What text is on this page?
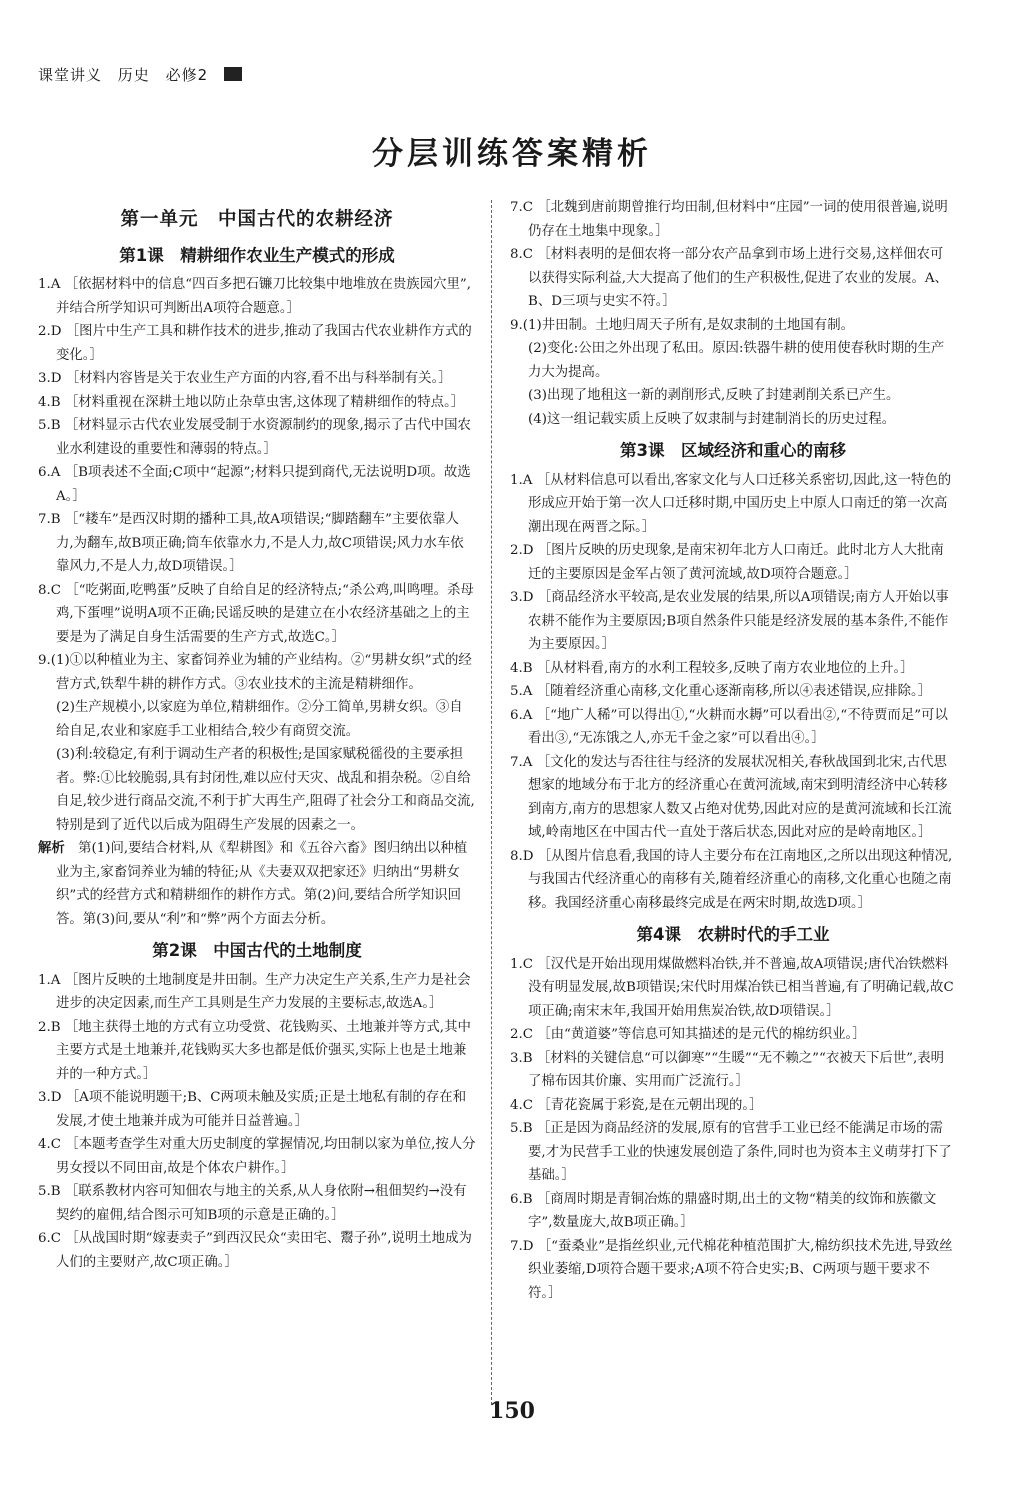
课堂讲义 历史 必修2
分层训练答案精析
第一单元　中国古代的农耕经济
第1课　精耕细作农业生产模式的形成

1.A ［依据材料中的信息“四百多把石镰刀比较集中地堆放在贵族园穴里”,并结合所学知识可判断出A项符合题意。］

2.D ［图片中生产工具和耕作技术的进步,推动了我国古代农业耕作方式的变化。］

3.D ［材料内容皆是关于农业生产方面的内容,看不出与科举制有关。］

4.B ［材料重视在深耕土地以防止杂草虫害,这体现了精耕细作的特点。］

5.B ［材料显示古代农业发展受制于水资源制约的现象,揭示了古代中国农业水利建设的重要性和薄弱的特点。］

6.A ［B项表述不全面;C项中“起源”;材料只提到商代,无法说明D项。故选A。］

7.B ［“耧车”是西汉时期的播种工具,故A项错误;“脚踏翻车”主要依靠人力,为翻车,故B项正确;筒车依靠水力,不是人力,故C项错误;风力水车依靠风力,不是人力,故D项错误。］

8.C ［“吃粥面,吃鸭蛋”反映了自给自足的经济特点;“杀公鸡,叫鸣哩。杀母鸡,下蛋哩”说明A项不正确;民谣反映的是建立在小农经济基础之上的主要是为了满足自身生活需要的生产方式,故选C。］

9.(1)①以种植业为主、家畜饲养业为辅的产业结构。②“男耕女织”式的经营方式,铁犁牛耕的耕作方式。③农业技术的主流是精耕细作。

(2)生产规模小,以家庭为单位,精耕细作。②分工简单,男耕女织。③自给自足,农业和家庭手工业相结合,较少有商贸交流。

(3)利:较稳定,有利于调动生产者的积极性;是国家赋税徭役的主要承担者。弊:①比较脆弱,具有封闭性,难以应付天灾、战乱和捐杂税。②自给自足,较少进行商品交流,不利于扩大再生产,阻碍了社会分工和商品交流,特别是到了近代以后成为阻碍生产发展的因素之一。

解析　第(1)问,要结合材料,从《犁耕图》和《五谷六畜》图归纳出以种植业为主,家畜饲养业为辅的特征;从《夫妻双双把家还》归纳出“男耕女织”式的经营方式和精耕细作的耕作方式。第(2)问,要结合所学知识回答。第(3)问,要从“利”和“弊”两个方面去分析。

第2课　中国古代的土地制度

1.A ［图片反映的土地制度是井田制。生产力决定生产关系,生产力是社会进步的决定因素,而生产工具则是生产力发展的主要标志,故选A。］

2.B ［地主获得土地的方式有立功受赏、花钱购买、土地兼并等方式,其中主要方式是土地兼并,花钱购买大多也都是低价强买,实际上也是土地兼并的一种方式。］

3.D ［A项不能说明题干;B、C两项未触及实质;正是土地私有制的存在和发展,才使土地兼并成为可能并日益普遍。］

4.C ［本题考查学生对重大历史制度的掌握情况,均田制以家为单位,按人分男女授以不同田亩,故是个体农户耕作。］

5.B ［联系教材内容可知佃农与地主的关系,从人身依附→租佃契约→没有契约的雇佣,结合图示可知B项的示意是正确的。］

6.C ［从战国时期“嫁妻卖子”到西汉民众“卖田宅、鬻子孙”,说明土地成为人们的主要财产,故C项正确。］

7.C ［北魏到唐前期曾推行均田制,但材料中“庄园”一词的使用很普遍,说明仍存在土地集中现象。］

8.C ［材料表明的是佃农将一部分农产品拿到市场上进行交易,这样佃农可以获得实际利益,大大提高了他们的生产积极性,促进了农业的发展。A、B、D三项与史实不符。］

9.(1)井田制。土地归周天子所有,是奴隶制的土地国有制。

(2)变化:公田之外出现了私田。原因:铁器牛耕的使用使春秋时期的生产力大为提高。

(3)出现了地租这一新的剥削形式,反映了封建剥削关系已产生。

(4)这一组记载实质上反映了奴隶制与封建制消长的历史过程。

第3课　区域经济和重心的南移

1.A ［从材料信息可以看出,客家文化与人口迁移关系密切,因此,这一特色的形成应开始于第一次人口迁移时期,中国历史上中原人口南迁的第一次高潮出现在两晋之际。］

2.D ［图片反映的历史现象,是南宋初年北方人口南迁。此时北方人大批南迁的主要原因是金军占领了黄河流域,故D项符合题意。］

3.D ［商品经济水平较高,是农业发展的结果,所以A项错误;南方人开始以事农耕不能作为主要原因;B项自然条件只能是经济发展的基本条件,不能作为主要原因。］

4.B ［从材料看,南方的水利工程较多,反映了南方农业地位的上升。］

5.A ［随着经济重心南移,文化重心逐渐南移,所以④表述错误,应排除。］

6.A ［“地广人稀”可以得出①,“火耕而水耨”可以看出②,“不待贾而足”可以看出③,“无冻饿之人,亦无千金之家”可以看出④。］

7.A ［文化的发达与否往往与经济的发展状况相关,春秋战国到北宋,古代思想家的地域分布于北方的经济重心在黄河流域,南宋到明清经济中心转移到南方,南方的思想家人数又占绝对优势,因此对应的是黄河流域和长江流域,岭南地区在中国古代一直处于落后状态,因此对应的是岭南地区。］

8.D ［从图片信息看,我国的诗人主要分布在江南地区,之所以出现这种情况,与我国古代经济重心的南移有关,随着经济重心的南移,文化重心也随之南移。我国经济重心南移最终完成是在两宋时期,故选D项。］

第4课　农耕时代的手工业

1.C ［汉代是开始出现用煤做燃料冶铁,并不普遍,故A项错误;唐代冶铁燃料没有明显发展,故B项错误;宋代时用煤冶铁已相当普遍,有了明确记载,故C项正确;南宋末年,我国开始用焦炭冶铁,故D项错误。］

2.C ［由“黄道婆”等信息可知其描述的是元代的棉纺织业。］

3.B ［材料的关键信息“可以御寒”“生暖”“无不赖之”“衣被天下后世”,表明了棉布因其价廉、实用而广泛流行。］

4.C ［青花瓷属于彩瓷,是在元朝出现的。］

5.B ［正是因为商品经济的发展,原有的官营手工业已经不能满足市场的需要,才为民营手工业的快速发展创造了条件,同时也为资本主义萌芽打下了基础。］

6.B ［商周时期是青铜冶炼的鼎盛时期,出土的文物“精美的纹饰和族徽文字”,数量庞大,故B项正确。］

7.D ［“蚕桑业”是指丝织业,元代棉花种植范围扩大,棉纺织技术先进,导致丝织业萎缩,D项符合题干要求;A项不符合史实;B、C两项与题干要求不符。］

150
